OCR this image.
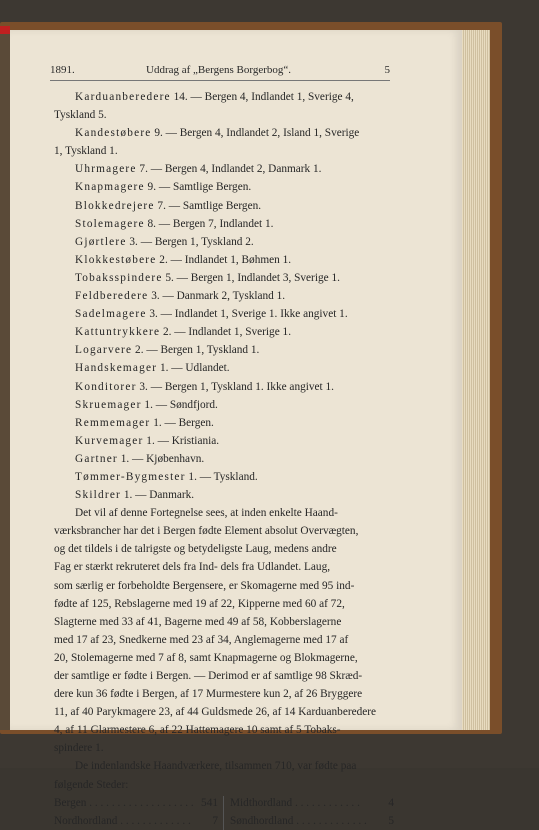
1891.	Uddrag af „Bergens Borgerbog“.	5
Karduanberedere 14. — Bergen 4, Indlandet 1, Sverige 4,
Tyskland 5.
Kandestøbere 9. — Bergen 4, Indlandet 2, Island 1, Sverige
1, Tyskland 1.
Uhrmagere 7. — Bergen 4, Indlandet 2, Danmark 1.
Knapmagere 9. — Samtlige Bergen.
Blokkedrejere 7. — Samtlige Bergen.
Stolemagere 8. — Bergen 7, Indlandet 1.
Gjørtlere 3. — Bergen 1, Tyskland 2.
Klokkestøbere 2. — Indlandet 1, Bøhmen 1.
Tobaksspindere 5. — Bergen 1, Indlandet 3, Sverige 1.
Feldberedere 3. — Danmark 2, Tyskland 1.
Sadelmagere 3. — Indlandet 1, Sverige 1. Ikke angivet 1.
Kattuntrykkere 2. — Indlandet 1, Sverige 1.
Logarvere 2. — Bergen 1, Tyskland 1.
Handskemager 1. — Udlandet.
Konditorer 3. — Bergen 1, Tyskland 1. Ikke angivet 1.
Skruemager 1. — Søndfjord.
Remmemager 1. — Bergen.
Kurvemager 1. — Kristiania.
Gartner 1. — Kjøbenhavn.
Tømmer-Bygmester 1. — Tyskland.
Skildrer 1. — Danmark.
Det vil af denne Fortegnelse sees, at inden enkelte Haand-
værksbrancher har det i Bergen fødte Element absolut Overvægten,
og det tildels i de talrigste og betydeligste Laug, medens andre
Fag er stærkt rekruteret dels fra Ind- dels fra Udlandet. Laug,
som særlig er forbeholdte Bergensere, er Skomagerne med 95 ind-
fødte af 125, Rebslagerne med 19 af 22, Kipperne med 60 af 72,
Slagterne med 33 af 41, Bagerne med 49 af 58, Kobberslagerne
med 17 af 23, Snedkerne med 23 af 34, Anglemagerne med 17 af
20, Stolemagerne med 7 af 8, samt Knapmagerne og Blokmagerne,
der samtlige er fødte i Bergen. — Derimod er af samtlige 98 Skræd-
dere kun 36 fødte i Bergen, af 17 Murmestere kun 2, af 26 Bryggere
11, af 40 Parykmagere 23, af 44 Guldsmede 26, af 14 Karduanberedere
4, af 11 Glarmestere 6, af 22 Hattemagere 10 samt af 5 Tobaks-
spindere 1.
De indenlandske Haandværkere, tilsammen 710, var fødte paa
følgende Steder:
Bergen . . . . . . . . . . . . . . . . . . . 541 Midthordland . . . . . . . . . . . .	4
Nordhordland . . . . . . . . . . . . .	7 Søndhordland . . . . . . . . . . . . .	5
